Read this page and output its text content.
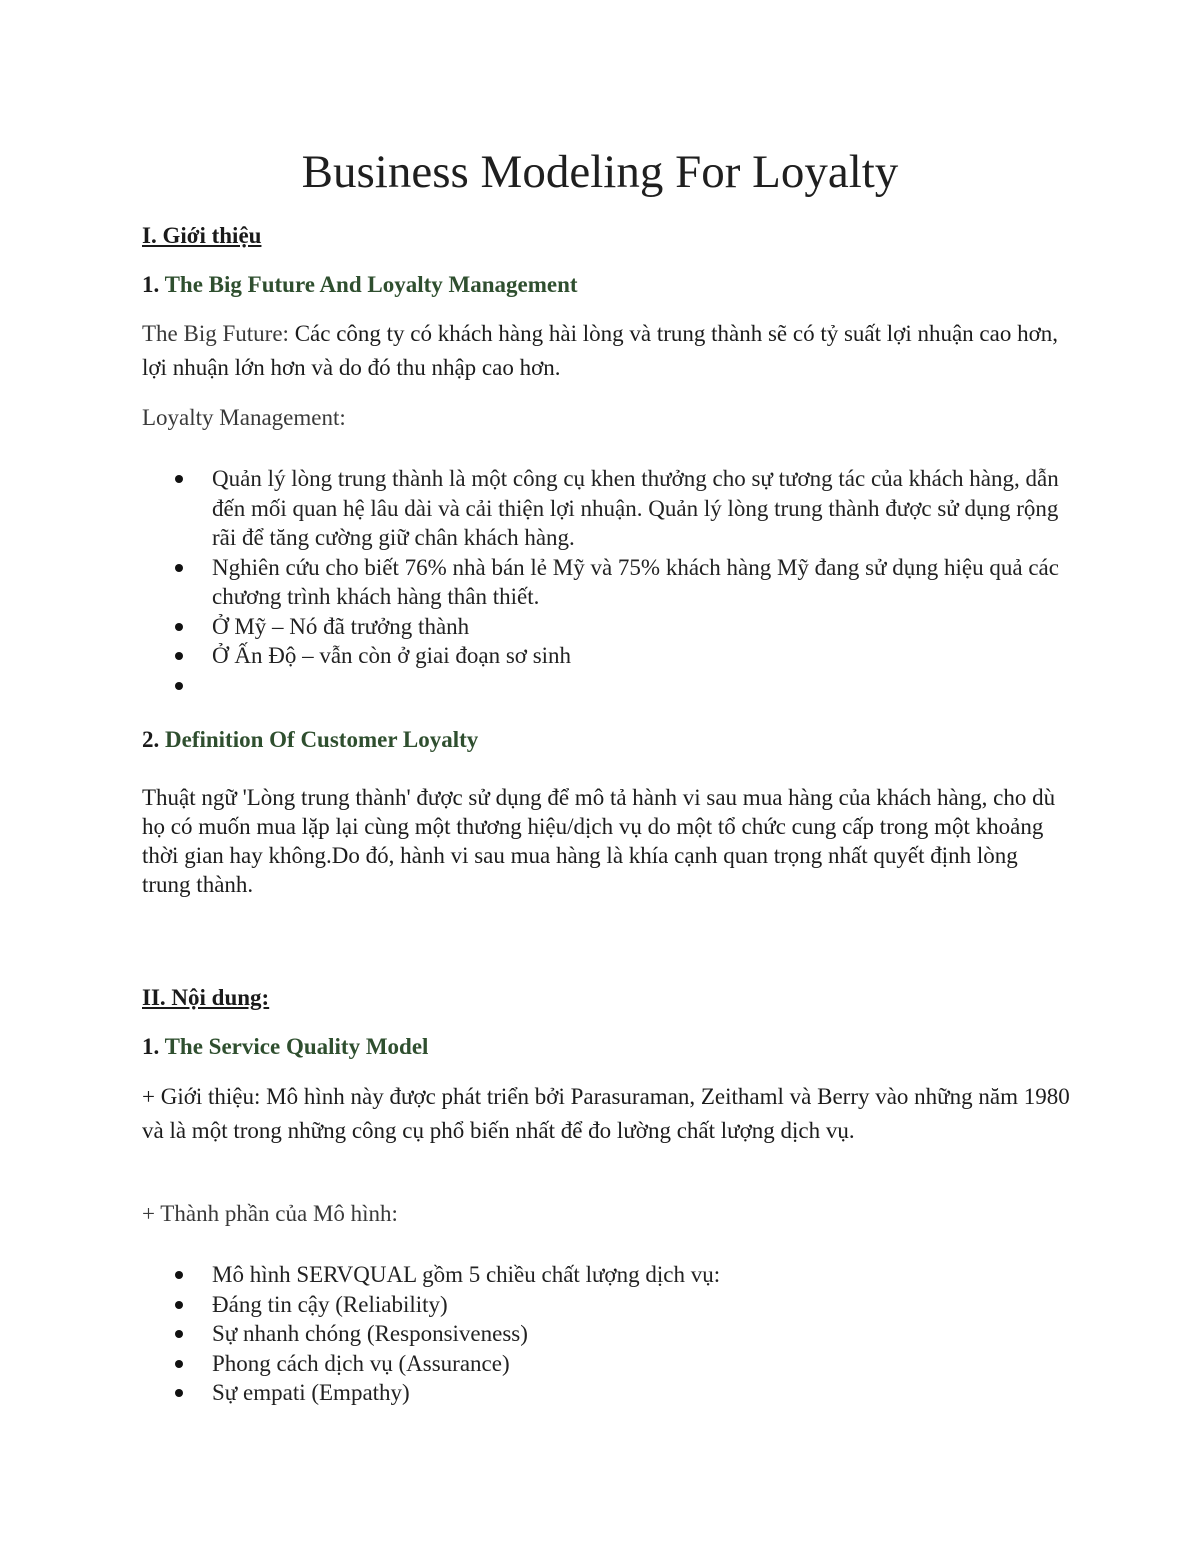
Business Modeling For Loyalty
I. Giới thiệu
1. The Big Future And Loyalty Management
The Big Future: Các công ty có khách hàng hài lòng và trung thành sẽ có tỷ suất lợi nhuận cao hơn, lợi nhuận lớn hơn và do đó thu nhập cao hơn.
Loyalty Management:
Quản lý lòng trung thành là một công cụ khen thưởng cho sự tương tác của khách hàng, dẫn đến mối quan hệ lâu dài và cải thiện lợi nhuận. Quản lý lòng trung thành được sử dụng rộng rãi để tăng cường giữ chân khách hàng.
Nghiên cứu cho biết 76% nhà bán lẻ Mỹ và 75% khách hàng Mỹ đang sử dụng hiệu quả các chương trình khách hàng thân thiết.
Ở Mỹ – Nó đã trưởng thành
Ở Ấn Độ – vẫn còn ở giai đoạn sơ sinh
2. Definition Of Customer Loyalty
Thuật ngữ 'Lòng trung thành' được sử dụng để mô tả hành vi sau mua hàng của khách hàng, cho dù họ có muốn mua lặp lại cùng một thương hiệu/dịch vụ do một tổ chức cung cấp trong một khoảng thời gian hay không.Do đó, hành vi sau mua hàng là khía cạnh quan trọng nhất quyết định lòng trung thành.
II. Nội dung:
1. The Service Quality Model
+ Giới thiệu: Mô hình này được phát triển bởi Parasuraman, Zeithaml và Berry vào những năm 1980 và là một trong những công cụ phổ biến nhất để đo lường chất lượng dịch vụ.
+ Thành phần của Mô hình:
Mô hình SERVQUAL gồm 5 chiều chất lượng dịch vụ:
Đáng tin cậy (Reliability)
Sự nhanh chóng (Responsiveness)
Phong cách dịch vụ (Assurance)
Sự empati (Empathy)
